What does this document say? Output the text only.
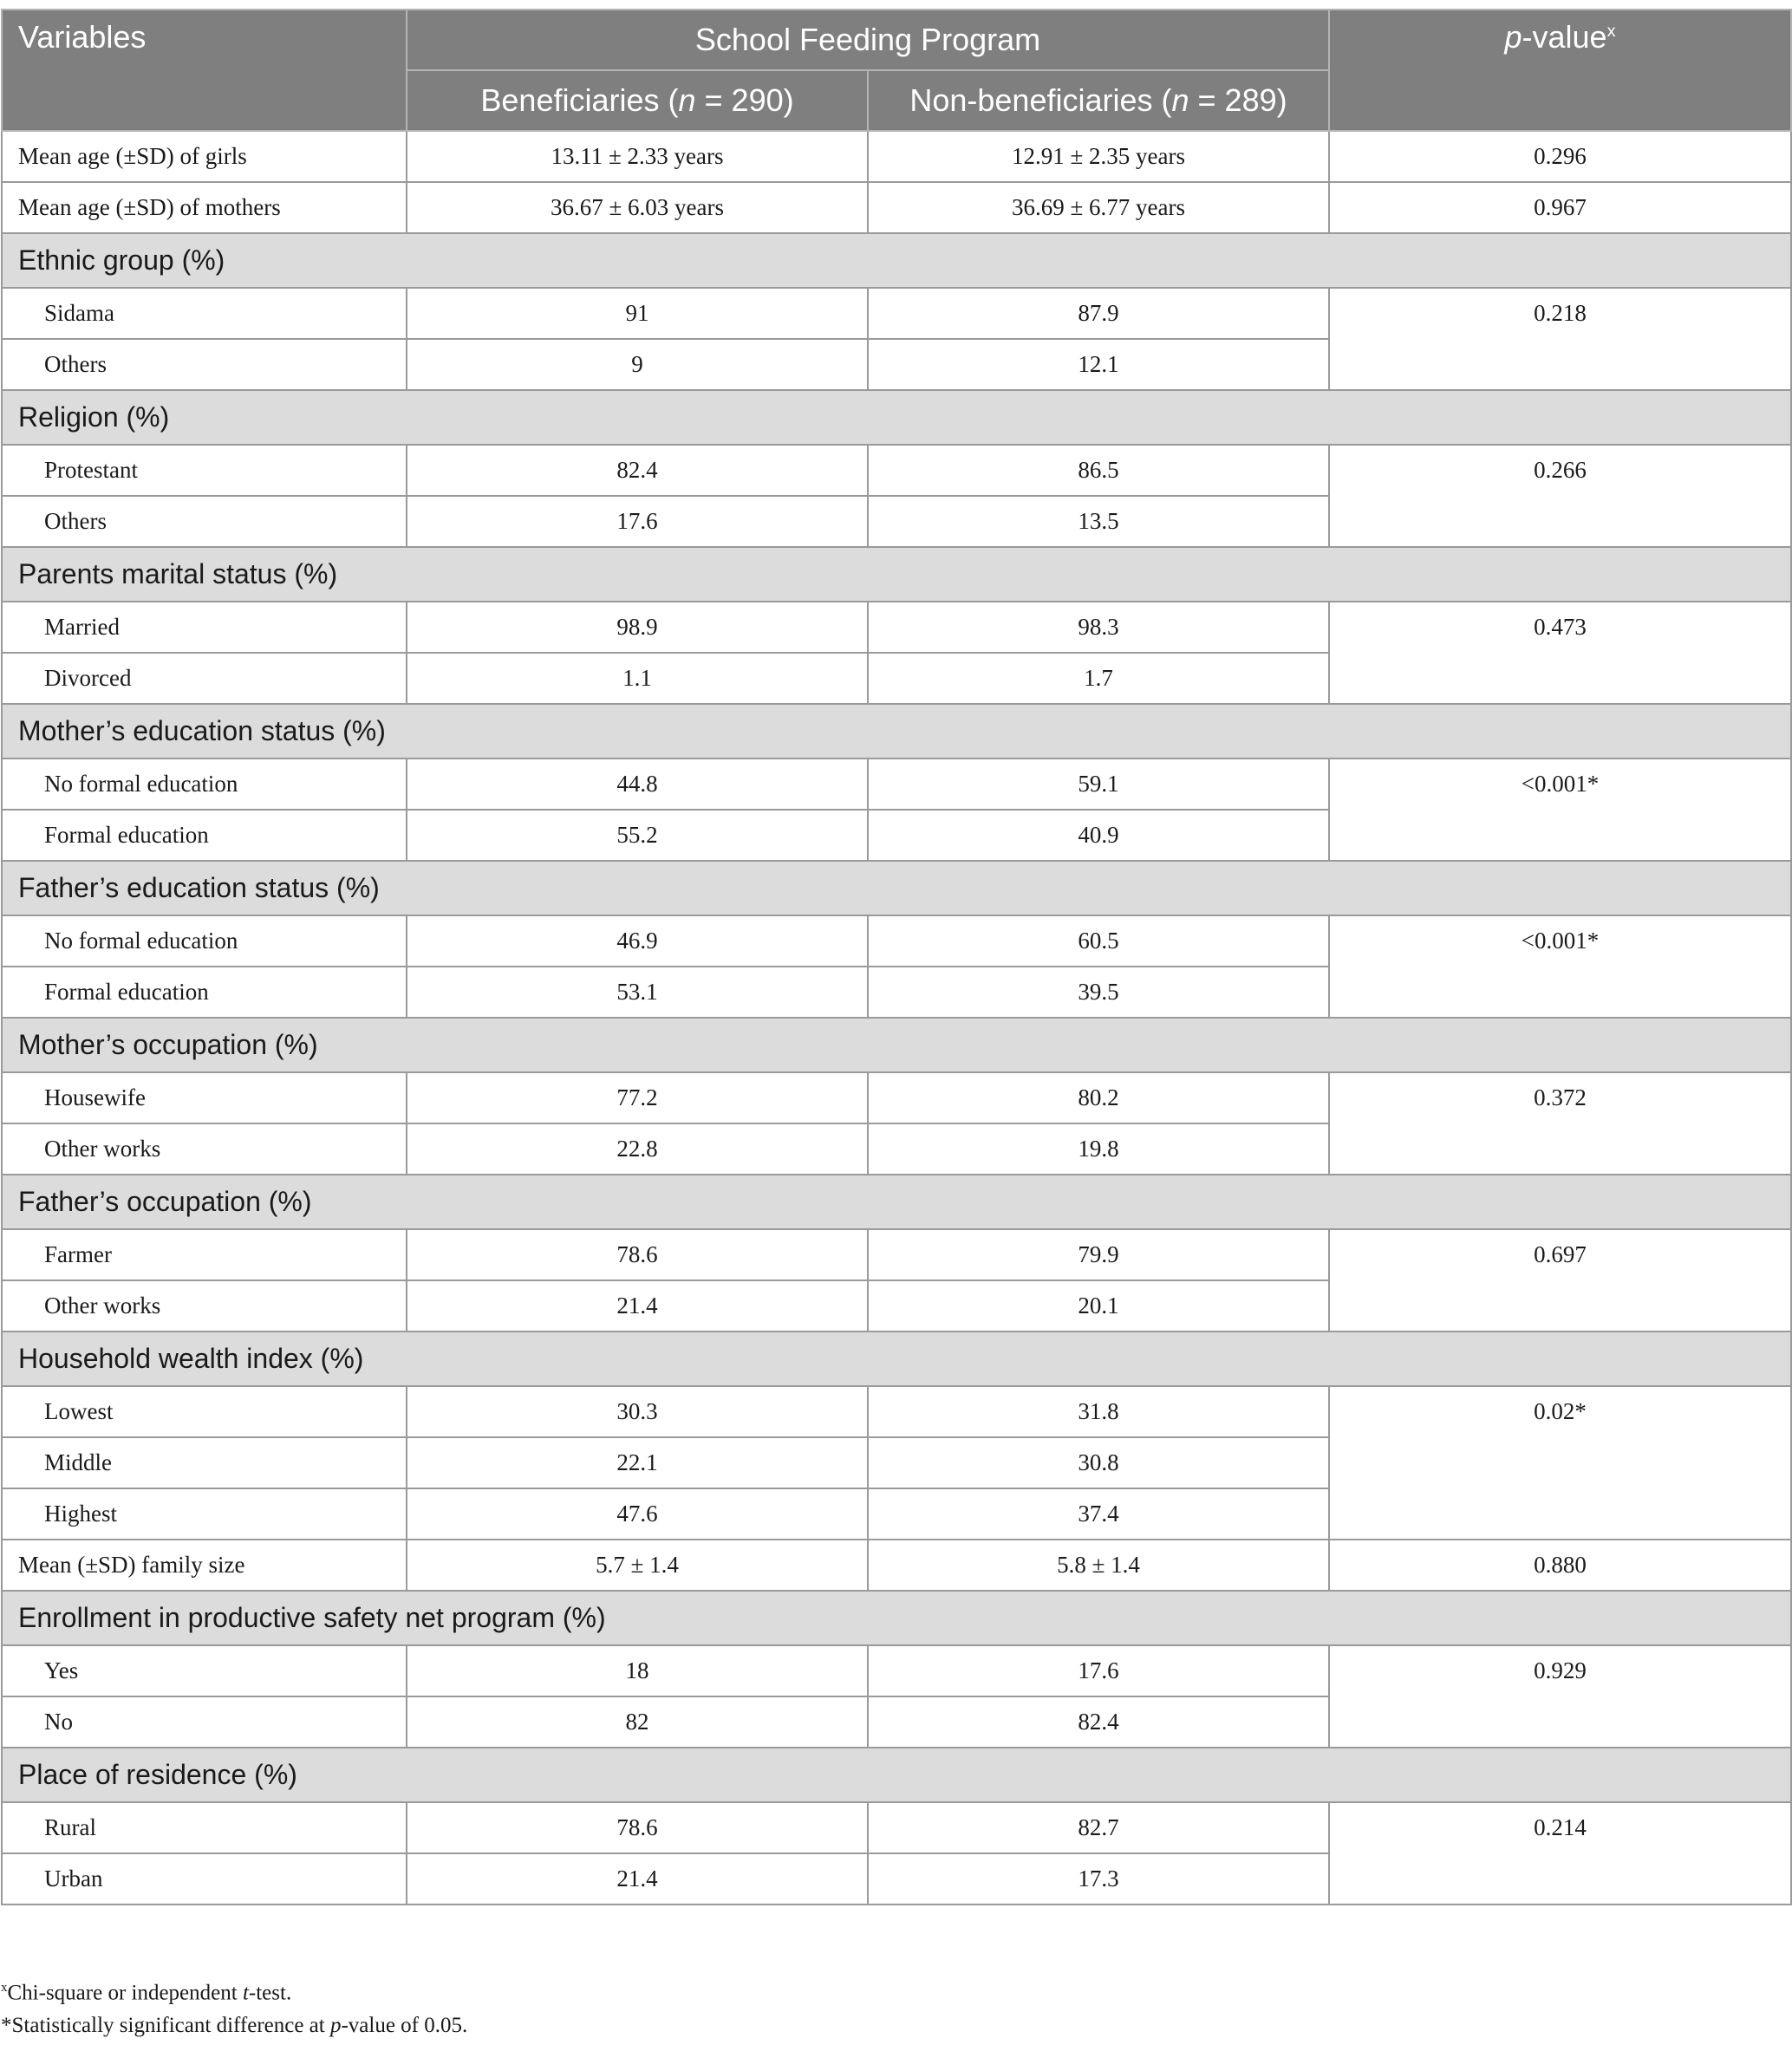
Variables	School Feeding Program		p-value$^x$
	Beneficiaries (n = 290)	Non-beneficiaries (n = 289)	
Mean age (±SD) of girls	13.11 ± 2.33 years	12.91 ± 2.35 years	0.296
Mean age (±SD) of mothers	36.67 ± 6.03 years	36.69 ± 6.77 years	0.967
Ethnic group (%)			
Sidama	91	87.9	0.218
Others	9	12.1	
Religion (%)			
Protestant	82.4	86.5	0.266
Others	17.6	13.5	
Parents marital status (%)			
Married	98.9	98.3	0.473
Divorced	1.1	1.7	
Mother’s education status (%)			
No formal education	44.8	59.1	<0.001*
Formal education	55.2	40.9	
Father’s education status (%)			
No formal education	46.9	60.5	<0.001*
Formal education	53.1	39.5	
Mother’s occupation (%)			
Housewife	77.2	80.2	0.372
Other works	22.8	19.8	
Father’s occupation (%)			
Farmer	78.6	79.9	0.697
Other works	21.4	20.1	
Household wealth index (%)			
Lowest	30.3	31.8	0.02*
Middle	22.1	30.8	
Highest	47.6	37.4	
Mean (±SD) family size	5.7 ± 1.4	5.8 ± 1.4	0.880
Enrollment in productive safety net program (%)			
Yes	18	17.6	0.929
No	82	82.4	
Place of residence (%)			
Rural	78.6	82.7	0.214
Urban	21.4	17.3	
$^x$Chi-square or independent t-test.
*Statistically significant difference at p-value of 0.05.
